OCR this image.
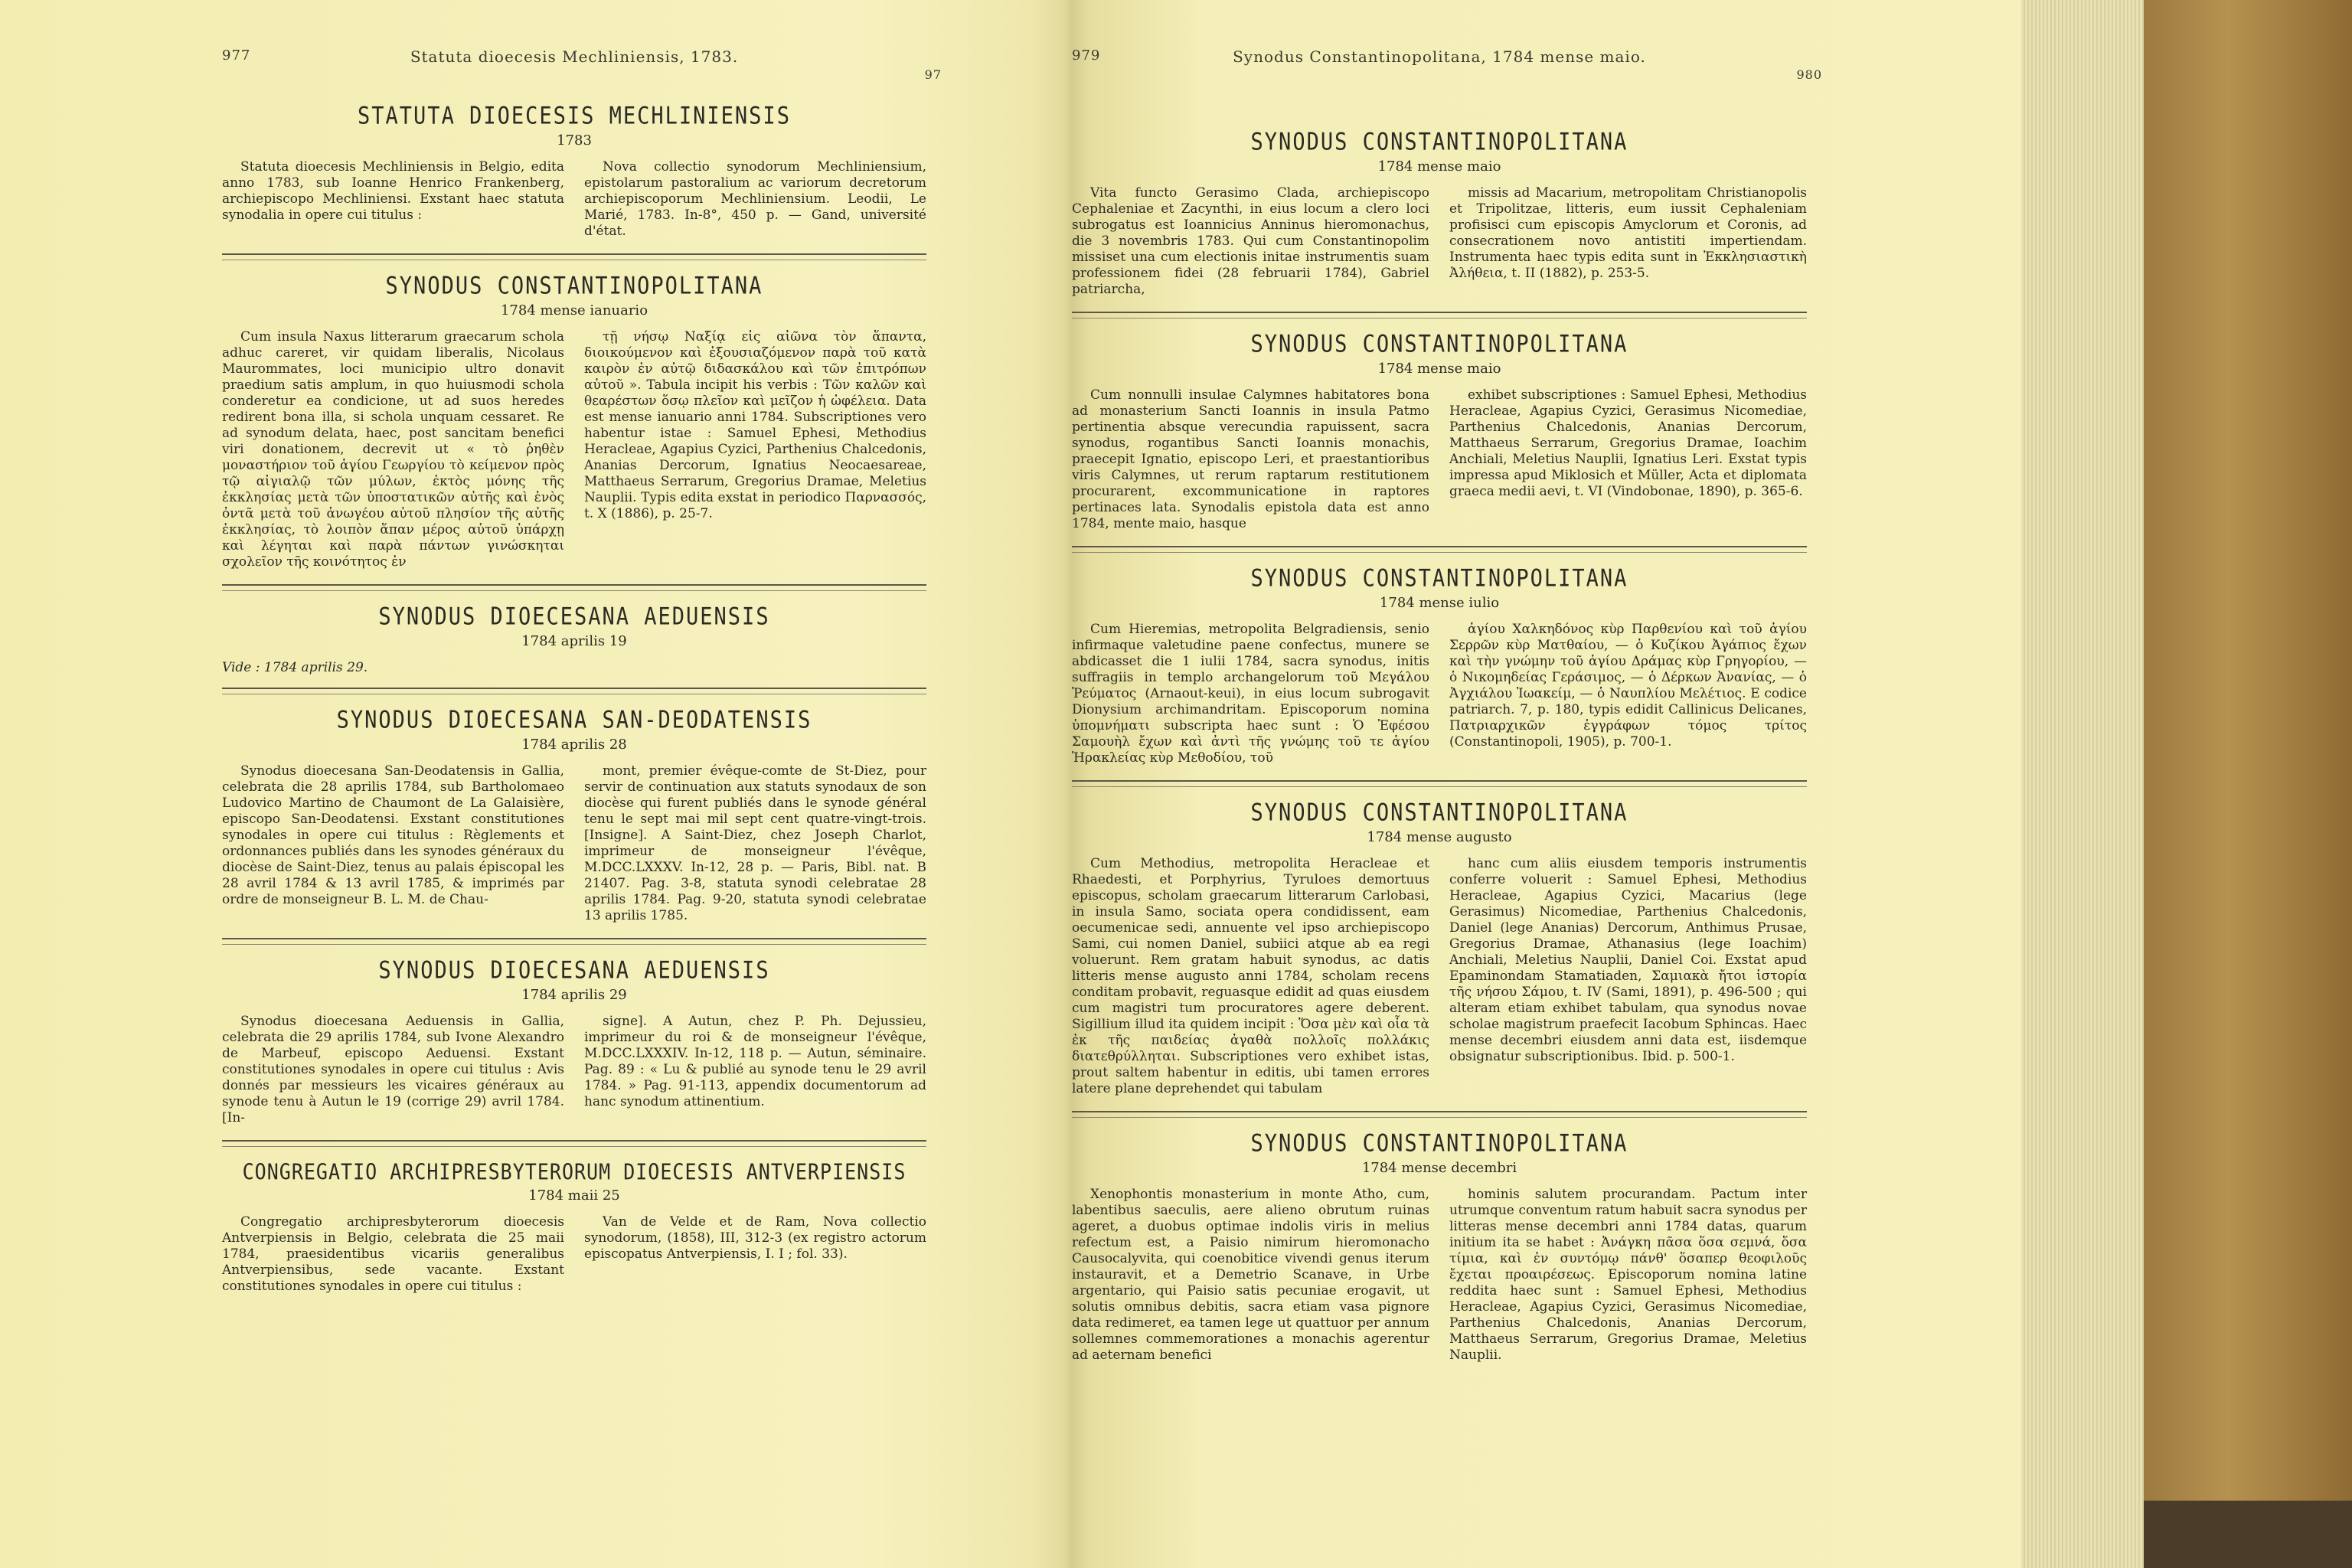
977	Statuta dioecesis Mechliniensis, 1783.
97
STATUTA DIOECESIS MECHLINIENSIS
1783

Statuta dioecesis Mechliniensis in Belgio, edita anno 1783, sub Ioanne Henrico Frankenberg, archiepiscopo Mechliniensi. Exstant haec statuta synodalia in opere cui titulus :

Nova collectio synodorum Mechliniensium, epistolarum pastoralium ac variorum decretorum archiepiscoporum Mechliniensium. Leodii, Le Marié, 1783. In-8°, 450 p. — Gand, université d'état.

SYNODUS CONSTANTINOPOLITANA
1784 mense ianuario

Cum insula Naxus litterarum graecarum schola adhuc careret, vir quidam liberalis, Nicolaus Maurommates, loci municipio ultro donavit praedium satis amplum, in quo huiusmodi schola conderetur ea condicione, ut ad suos heredes redirent bona illa, si schola unquam cessaret. Re ad synodum delata, haec, post sancitam benefici viri donationem, decrevit ut « τὸ ῥηθὲν μοναστήριον τοῦ ἁγίου Γεωργίου τὸ κείμενον πρὸς τῷ αἰγιαλῷ τῶν μύλων, ἐκτὸς μόνης τῆς ἐκκλησίας μετὰ τῶν ὑποστατικῶν αὐτῆς καὶ ἑνὸς ὀντᾶ μετὰ τοῦ ἀνωγέου αὐτοῦ πλησίον τῆς αὐτῆς ἐκκλησίας, τὸ λοιπὸν ἅπαν μέρος αὐτοῦ ὑπάρχῃ καὶ λέγηται καὶ παρὰ πάντων γινώσκηται σχολεῖον τῆς κοινότητος ἐν

τῇ νήσῳ Ναξίᾳ εἰς αἰῶνα τὸν ἅπαντα, διοικούμενον καὶ ἐξουσιαζόμενον παρὰ τοῦ κατὰ καιρὸν ἐν αὐτῷ διδασκάλου καὶ τῶν ἐπιτρόπων αὐτοῦ ». Tabula incipit his verbis : Τῶν καλῶν καὶ θεαρέστων ὅσῳ πλεῖον καὶ μεῖζον ἡ ὠφέλεια. Data est mense ianuario anni 1784. Subscriptiones vero habentur istae : Samuel Ephesi, Methodius Heracleae, Agapius Cyzici, Parthenius Chalcedonis, Ananias Dercorum, Ignatius Neocaesareae, Matthaeus Serrarum, Gregorius Dramae, Meletius Nauplii. Typis edita exstat in periodico Παρνασσός, t. X (1886), p. 25-7.

SYNODUS DIOECESANA AEDUENSIS
1784 aprilis 19
Vide : 1784 aprilis 29.
SYNODUS DIOECESANA SAN-DEODATENSIS
1784 aprilis 28

Synodus dioecesana San-Deodatensis in Gallia, celebrata die 28 aprilis 1784, sub Bartholomaeo Ludovico Martino de Chaumont de La Galaisière, episcopo San-Deodatensi. Exstant constitutiones synodales in opere cui titulus : Règlements et ordonnances publiés dans les synodes généraux du diocèse de Saint-Diez, tenus au palais épiscopal les 28 avril 1784 & 13 avril 1785, & imprimés par ordre de monseigneur B. L. M. de Chau-

mont, premier évêque-comte de St-Diez, pour servir de continuation aux statuts synodaux de son diocèse qui furent publiés dans le synode général tenu le sept mai mil sept cent quatre-vingt-trois. [Insigne]. A Saint-Diez, chez Joseph Charlot, imprimeur de monseigneur l'évêque, M.DCC.LXXXV. In-12, 28 p. — Paris, Bibl. nat. B 21407. Pag. 3-8, statuta synodi celebratae 28 aprilis 1784. Pag. 9-20, statuta synodi celebratae 13 aprilis 1785.

SYNODUS DIOECESANA AEDUENSIS
1784 aprilis 29

Synodus dioecesana Aeduensis in Gallia, celebrata die 29 aprilis 1784, sub Ivone Alexandro de Marbeuf, episcopo Aeduensi. Exstant constitutiones synodales in opere cui titulus : Avis donnés par messieurs les vicaires généraux au synode tenu à Autun le 19 (corrige 29) avril 1784. [In-

signe]. A Autun, chez P. Ph. Dejussieu, imprimeur du roi & de monseigneur l'évêque, M.DCC.LXXXIV. In-12, 118 p. — Autun, séminaire. Pag. 89 : « Lu & publié au synode tenu le 29 avril 1784. » Pag. 91-113, appendix documentorum ad hanc synodum attinentium.

CONGREGATIO ARCHIPRESBYTERORUM DIOECESIS ANTVERPIENSIS
1784 maii 25

Congregatio archipresbyterorum dioecesis Antverpiensis in Belgio, celebrata die 25 maii 1784, praesidentibus vicariis generalibus Antverpiensibus, sede vacante. Exstant constitutiones synodales in opere cui titulus :

Van de Velde et de Ram, Nova collectio synodorum, (1858), III, 312-3 (ex registro actorum episcopatus Antverpiensis, I. I ; fol. 33).

979	Synodus Constantinopolitana, 1784 mense maio.
980
SYNODUS CONSTANTINOPOLITANA
1784 mense maio

Vita functo Gerasimo Clada, archiepiscopo Cephaleniae et Zacynthi, in eius locum a clero loci subrogatus est Ioannicius Anninus hieromonachus, die 3 novembris 1783. Qui cum Constantinopolim missiset una cum electionis initae instrumentis suam professionem fidei (28 februarii 1784), Gabriel patriarcha,

missis ad Macarium, metropolitam Christianopolis et Tripolitzae, litteris, eum iussit Cephaleniam profisisci cum episcopis Amyclorum et Coronis, ad consecrationem novo antistiti impertiendam. Instrumenta haec typis edita sunt in Ἐκκλησιαστικὴ Ἀλήθεια, t. II (1882), p. 253-5.

SYNODUS CONSTANTINOPOLITANA
1784 mense maio

Cum nonnulli insulae Calymnes habitatores bona ad monasterium Sancti Ioannis in insula Patmo pertinentia absque verecundia rapuissent, sacra synodus, rogantibus Sancti Ioannis monachis, praecepit Ignatio, episcopo Leri, et praestantioribus viris Calymnes, ut rerum raptarum restitutionem procurarent, excommunicatione in raptores pertinaces lata. Synodalis epistola data est anno 1784, mente maio, hasque

exhibet subscriptiones : Samuel Ephesi, Methodius Heracleae, Agapius Cyzici, Gerasimus Nicomediae, Parthenius Chalcedonis, Ananias Dercorum, Matthaeus Serrarum, Gregorius Dramae, Ioachim Anchiali, Meletius Nauplii, Ignatius Leri. Exstat typis impressa apud Miklosich et Müller, Acta et diplomata graeca medii aevi, t. VI (Vindobonae, 1890), p. 365-6.

SYNODUS CONSTANTINOPOLITANA
1784 mense iulio

Cum Hieremias, metropolita Belgradiensis, senio infirmaque valetudine paene confectus, munere se abdicasset die 1 iulii 1784, sacra synodus, initis suffragiis in templo archangelorum τοῦ Μεγάλου Ῥεύματος (Arnaout-keui), in eius locum subrogavit Dionysium archimandritam. Episcoporum nomina ὑπομνήματι subscripta haec sunt : Ὁ Ἐφέσου Σαμουὴλ ἔχων καὶ ἀντὶ τῆς γνώμης τοῦ τε ἁγίου Ἡρακλείας κὺρ Μεθοδίου, τοῦ

ἁγίου Χαλκηδόνος κὺρ Παρθενίου καὶ τοῦ ἁγίου Σερρῶν κὺρ Ματθαίου, — ὁ Κυζίκου Ἀγάπιος ἔχων καὶ τὴν γνώμην τοῦ ἁγίου Δράμας κὺρ Γρηγορίου, — ὁ Νικομηδείας Γεράσιμος, — ὁ Δέρκων Ἀνανίας, — ὁ Ἀγχιάλου Ἰωακείμ, — ὁ Ναυπλίου Μελέτιος. E codice patriarch. 7, p. 180, typis edidit Callinicus Delicanes, Πατριαρχικῶν ἐγγράφων τόμος τρίτος (Constantinopoli, 1905), p. 700-1.

SYNODUS CONSTANTINOPOLITANA
1784 mense augusto

Cum Methodius, metropolita Heracleae et Rhaedesti, et Porphyrius, Tyruloes demortuus episcopus, scholam graecarum litterarum Carlobasi, in insula Samo, sociata opera condidissent, eam oecumenicae sedi, annuente vel ipso archiepiscopo Sami, cui nomen Daniel, subiici atque ab ea regi voluerunt. Rem gratam habuit synodus, ac datis litteris mense augusto anni 1784, scholam recens conditam probavit, reguasque edidit ad quas eiusdem cum magistri tum procuratores agere deberent. Sigillium illud ita quidem incipit : Ὅσα μὲν καὶ οἷα τὰ ἐκ τῆς παιδείας ἀγαθὰ πολλοῖς πολλάκις διατεθρύλληται. Subscriptiones vero exhibet istas, prout saltem habentur in editis, ubi tamen errores latere plane deprehendet qui tabulam

hanc cum aliis eiusdem temporis instrumentis conferre voluerit : Samuel Ephesi, Methodius Heracleae, Agapius Cyzici, Macarius (lege Gerasimus) Nicomediae, Parthenius Chalcedonis, Daniel (lege Ananias) Dercorum, Anthimus Prusae, Gregorius Dramae, Athanasius (lege Ioachim) Anchiali, Meletius Nauplii, Daniel Coi. Exstat apud Epaminondam Stamatiaden, Σαμιακὰ ἤτοι ἱστορία τῆς νήσου Σάμου, t. IV (Sami, 1891), p. 496-500 ; qui alteram etiam exhibet tabulam, qua synodus novae scholae magistrum praefecit Iacobum Sphincas. Haec mense decembri eiusdem anni data est, iisdemque obsignatur subscriptionibus. Ibid. p. 500-1.

SYNODUS CONSTANTINOPOLITANA
1784 mense decembri

Xenophontis monasterium in monte Atho, cum, labentibus saeculis, aere alieno obrutum ruinas ageret, a duobus optimae indolis viris in melius refectum est, a Paisio nimirum hieromonacho Causocalyvita, qui coenobitice vivendi genus iterum instauravit, et a Demetrio Scanave, in Urbe argentario, qui Paisio satis pecuniae erogavit, ut solutis omnibus debitis, sacra etiam vasa pignore data redimeret, ea tamen lege ut quattuor per annum sollemnes commemorationes a monachis agerentur ad aeternam benefici

hominis salutem procurandam. Pactum inter utrumque conventum ratum habuit sacra synodus per litteras mense decembri anni 1784 datas, quarum initium ita se habet : Ἀνάγκη πᾶσα ὅσα σεμνά, ὅσα τίμια, καὶ ἐν συντόμῳ πάνθ' ὅσαπερ θεοφιλοῦς ἔχεται προαιρέσεως. Episcoporum nomina latine reddita haec sunt : Samuel Ephesi, Methodius Heracleae, Agapius Cyzici, Gerasimus Nicomediae, Parthenius Chalcedonis, Ananias Dercorum, Matthaeus Serrarum, Gregorius Dramae, Meletius Nauplii.
